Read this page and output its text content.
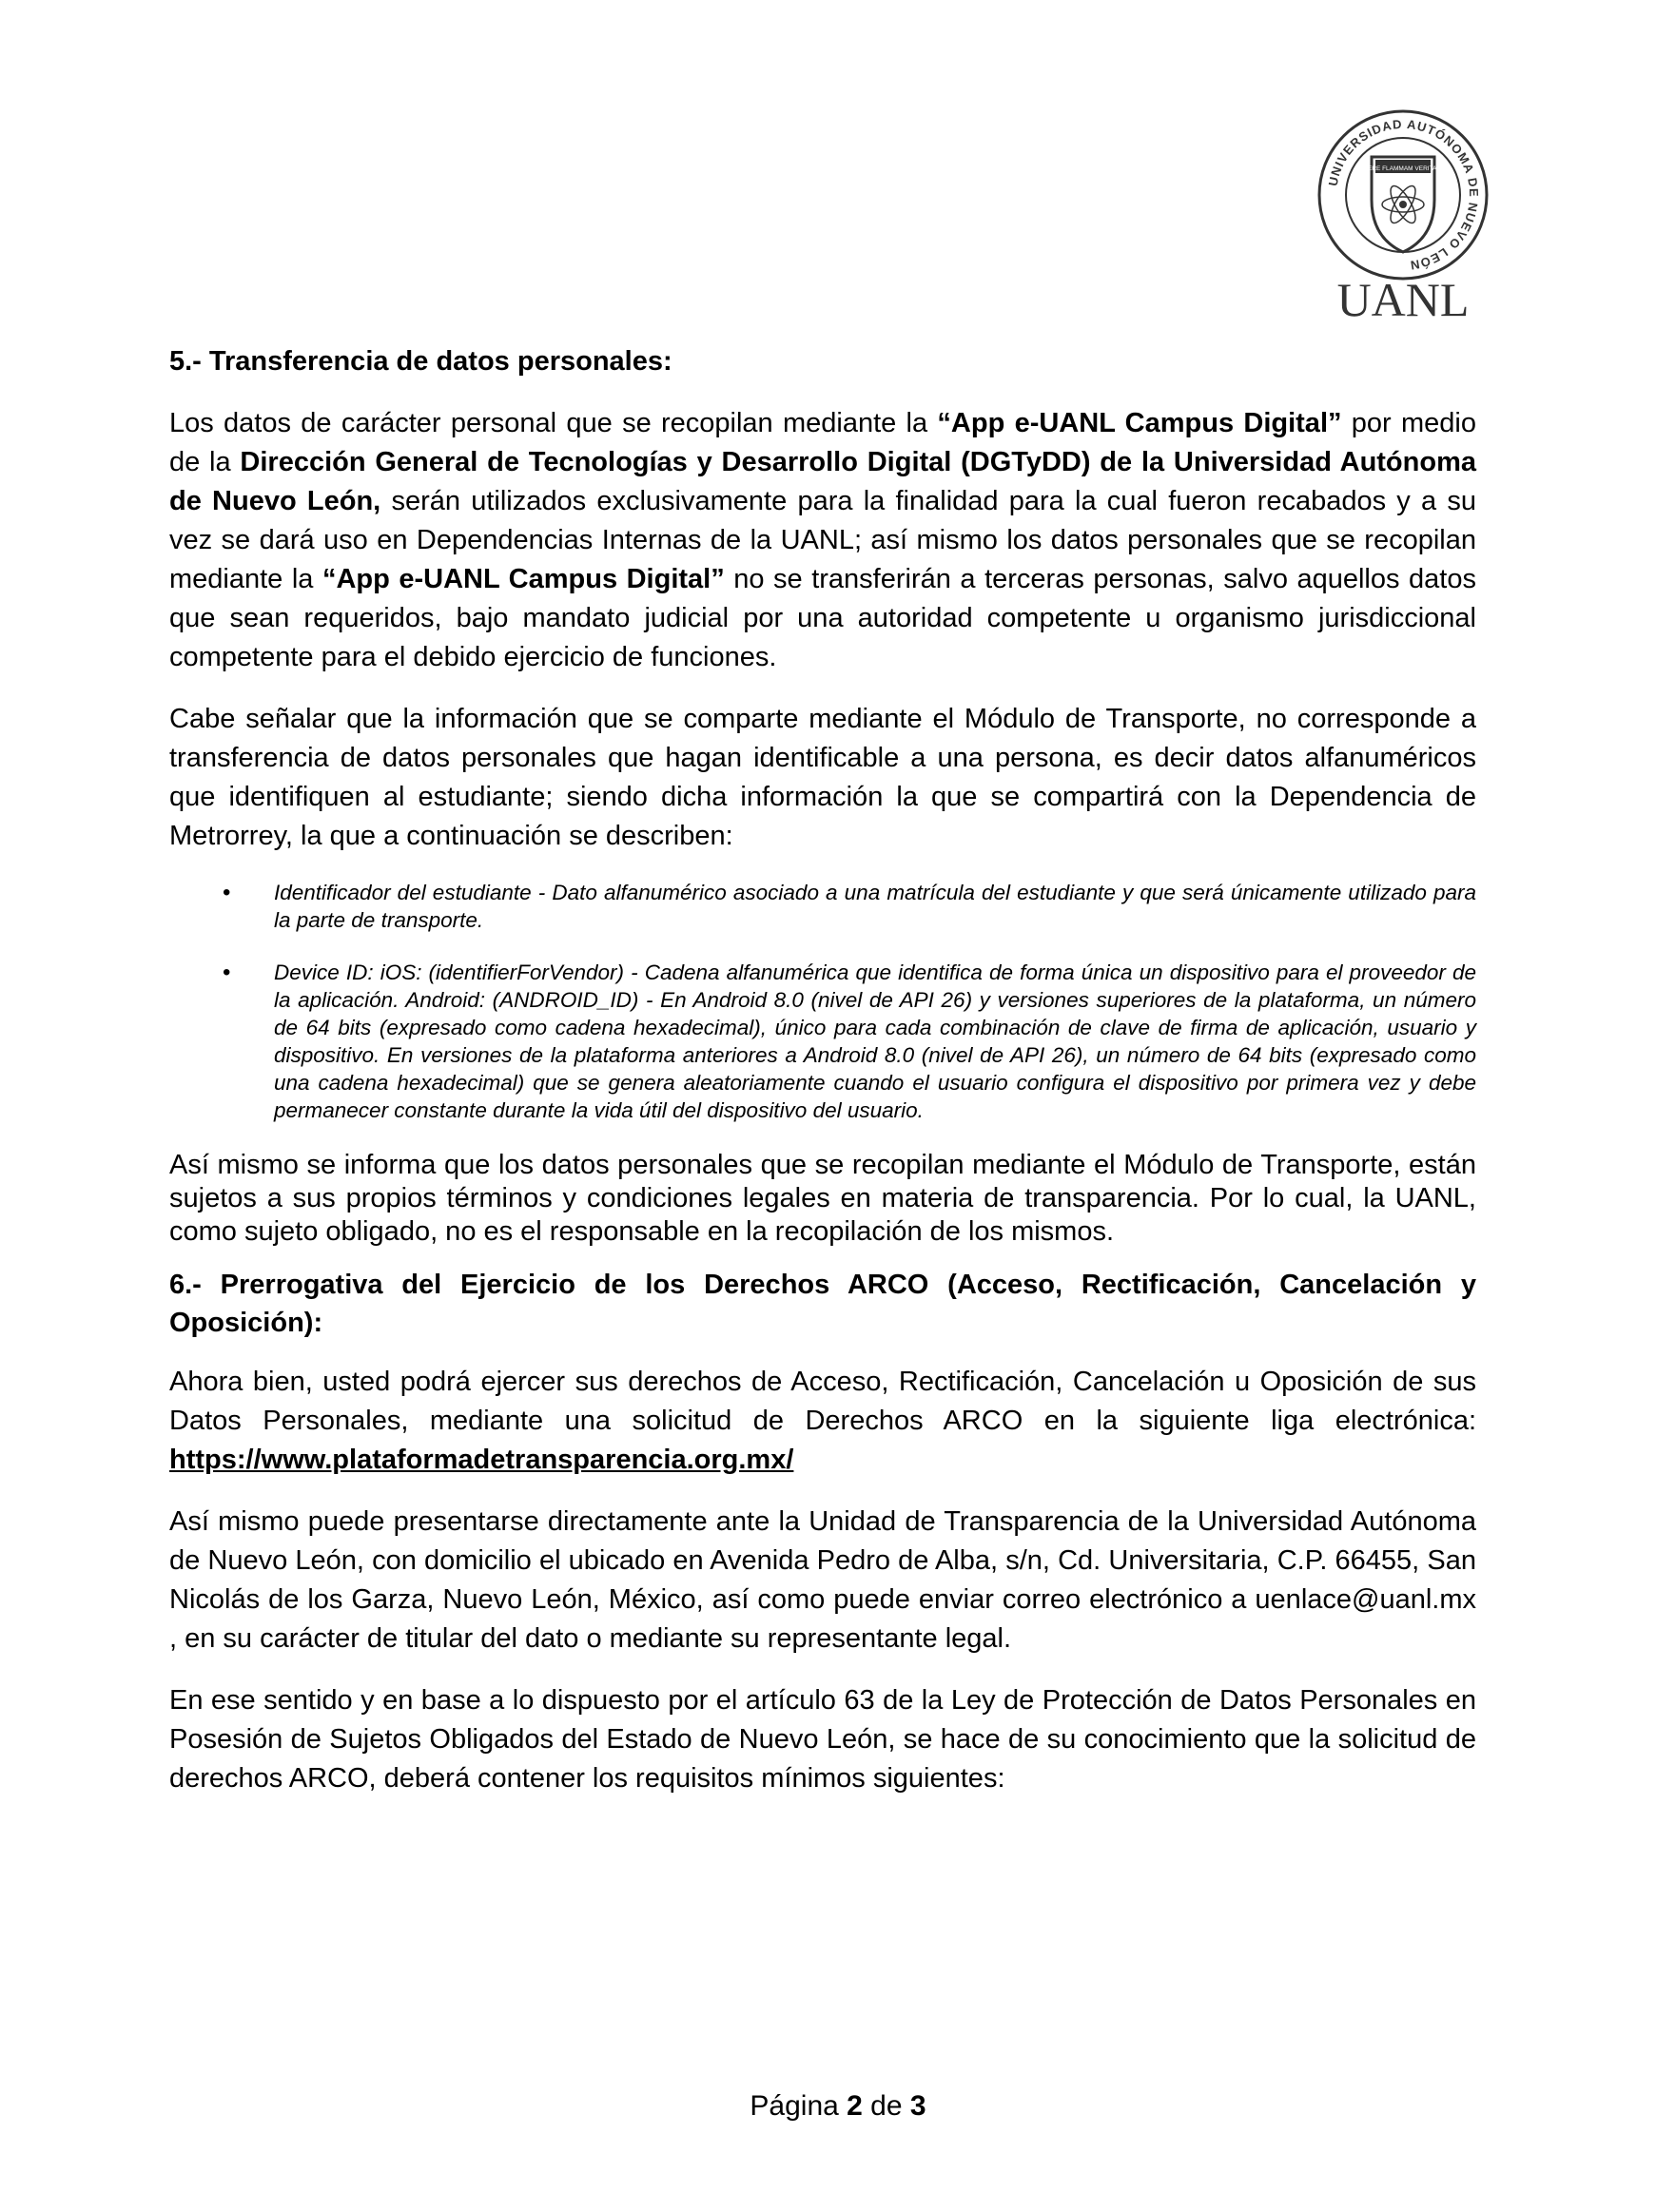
UNIVERSIDAD AUTÓNOMA DE NUEVO LEÓN
ALERE FLAMMAM VERITATIS
UANL

5.- Transferencia de datos personales:

Los datos de carácter personal que se recopilan mediante la “App e-UANL Campus Digital” por medio de la Dirección General de Tecnologías y Desarrollo Digital (DGTyDD) de la Universidad Autónoma de Nuevo León, serán utilizados exclusivamente para la finalidad para la cual fueron recabados y a su vez se dará uso en Dependencias Internas de la UANL; así mismo los datos personales que se recopilan mediante la “App e-UANL Campus Digital” no se transferirán a terceras personas, salvo aquellos datos que sean requeridos, bajo mandato judicial por una autoridad competente u organismo jurisdiccional competente para el debido ejercicio de funciones.

Cabe señalar que la información que se comparte mediante el Módulo de Transporte, no corresponde a transferencia de datos personales que hagan identificable a una persona, es decir datos alfanuméricos que identifiquen al estudiante; siendo dicha información la que se compartirá con la Dependencia de Metrorrey, la que a continuación se describen:

• Identificador del estudiante - Dato alfanumérico asociado a una matrícula del estudiante y que será únicamente utilizado para la parte de transporte.
• Device ID: iOS: (identifierForVendor) - Cadena alfanumérica que identifica de forma única un dispositivo para el proveedor de la aplicación. Android: (ANDROID_ID) - En Android 8.0 (nivel de API 26) y versiones superiores de la plataforma, un número de 64 bits (expresado como cadena hexadecimal), único para cada combinación de clave de firma de aplicación, usuario y dispositivo. En versiones de la plataforma anteriores a Android 8.0 (nivel de API 26), un número de 64 bits (expresado como una cadena hexadecimal) que se genera aleatoriamente cuando el usuario configura el dispositivo por primera vez y debe permanecer constante durante la vida útil del dispositivo del usuario.

Así mismo se informa que los datos personales que se recopilan mediante el Módulo de Transporte, están sujetos a sus propios términos y condiciones legales en materia de transparencia. Por lo cual, la UANL, como sujeto obligado, no es el responsable en la recopilación de los mismos.

6.- Prerrogativa del Ejercicio de los Derechos ARCO (Acceso, Rectificación, Cancelación y Oposición):

Ahora bien, usted podrá ejercer sus derechos de Acceso, Rectificación, Cancelación u Oposición de sus Datos Personales, mediante una solicitud de Derechos ARCO en la siguiente liga electrónica: https://www.plataformadetransparencia.org.mx/

Así mismo puede presentarse directamente ante la Unidad de Transparencia de la Universidad Autónoma de Nuevo León, con domicilio el ubicado en Avenida Pedro de Alba, s/n, Cd. Universitaria, C.P. 66455, San Nicolás de los Garza, Nuevo León, México, así como puede enviar correo electrónico a uenlace@uanl.mx , en su carácter de titular del dato o mediante su representante legal.

En ese sentido y en base a lo dispuesto por el artículo 63 de la Ley de Protección de Datos Personales en Posesión de Sujetos Obligados del Estado de Nuevo León, se hace de su conocimiento que la solicitud de derechos ARCO, deberá contener los requisitos mínimos siguientes:

Página 2 de 3
